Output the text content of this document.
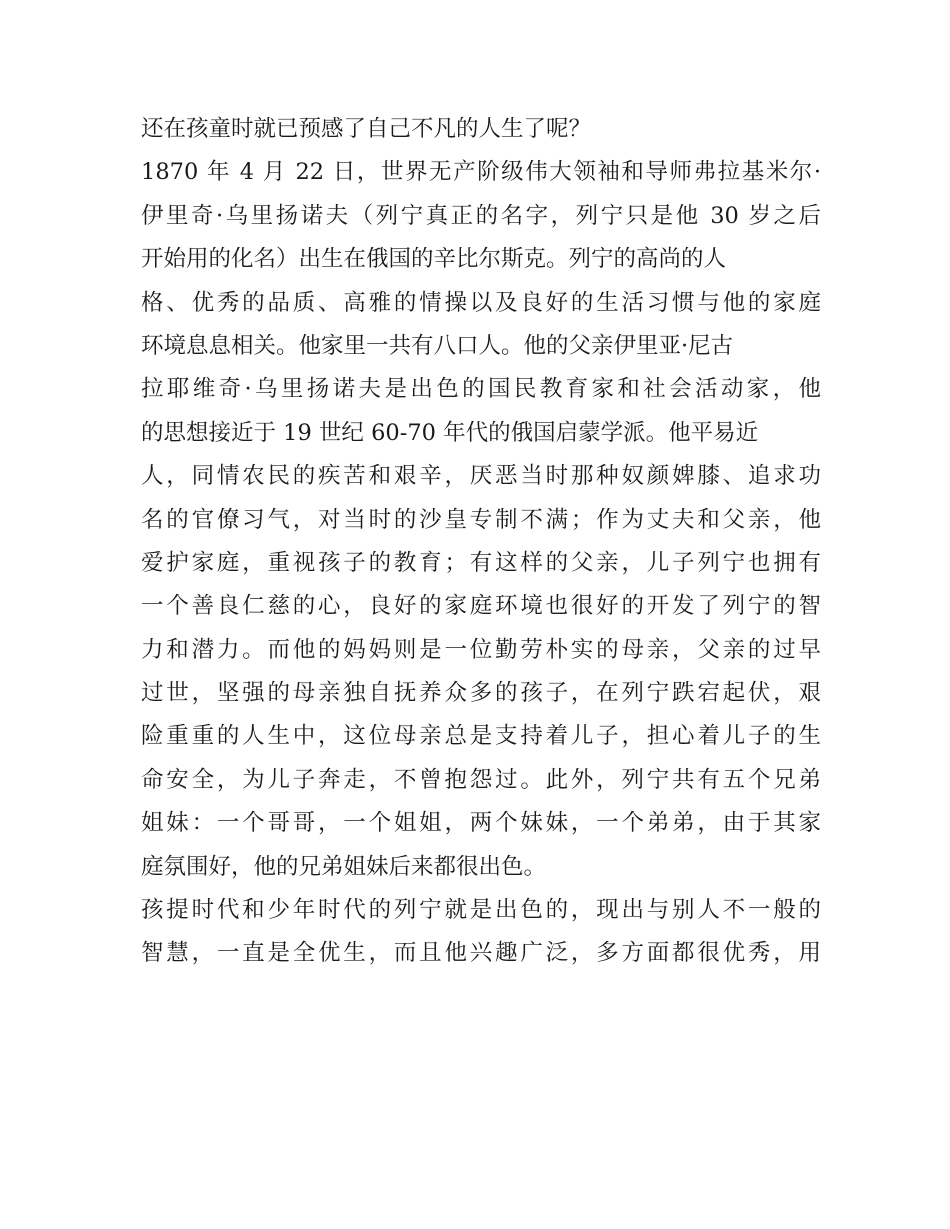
还在孩童时就已预感了自己不凡的人生了呢？
1870 年 4 月 22 日，世界无产阶级伟大领袖和导师弗拉基米尔·
伊里奇·乌里扬诺夫（列宁真正的名字，列宁只是他 30 岁之后
开始用的化名）出生在俄国的辛比尔斯克。列宁的高尚的人
格、优秀的品质、高雅的情操以及良好的生活习惯与他的家庭
环境息息相关。他家里一共有八口人。他的父亲伊里亚·尼古
拉耶维奇·乌里扬诺夫是出色的国民教育家和社会活动家，他
的思想接近于 19 世纪 60-70 年代的俄国启蒙学派。他平易近
人，同情农民的疾苦和艰辛，厌恶当时那种奴颜婢膝、追求功
名的官僚习气，对当时的沙皇专制不满；作为丈夫和父亲，他
爱护家庭，重视孩子的教育；有这样的父亲，儿子列宁也拥有
一个善良仁慈的心，良好的家庭环境也很好的开发了列宁的智
力和潜力。而他的妈妈则是一位勤劳朴实的母亲，父亲的过早
过世，坚强的母亲独自抚养众多的孩子，在列宁跌宕起伏，艰
险重重的人生中，这位母亲总是支持着儿子，担心着儿子的生
命安全，为儿子奔走，不曾抱怨过。此外，列宁共有五个兄弟
姐妹：一个哥哥，一个姐姐，两个妹妹，一个弟弟，由于其家
庭氛围好，他的兄弟姐妹后来都很出色。
孩提时代和少年时代的列宁就是出色的，现出与别人不一般的
智慧，一直是全优生，而且他兴趣广泛，多方面都很优秀，用
